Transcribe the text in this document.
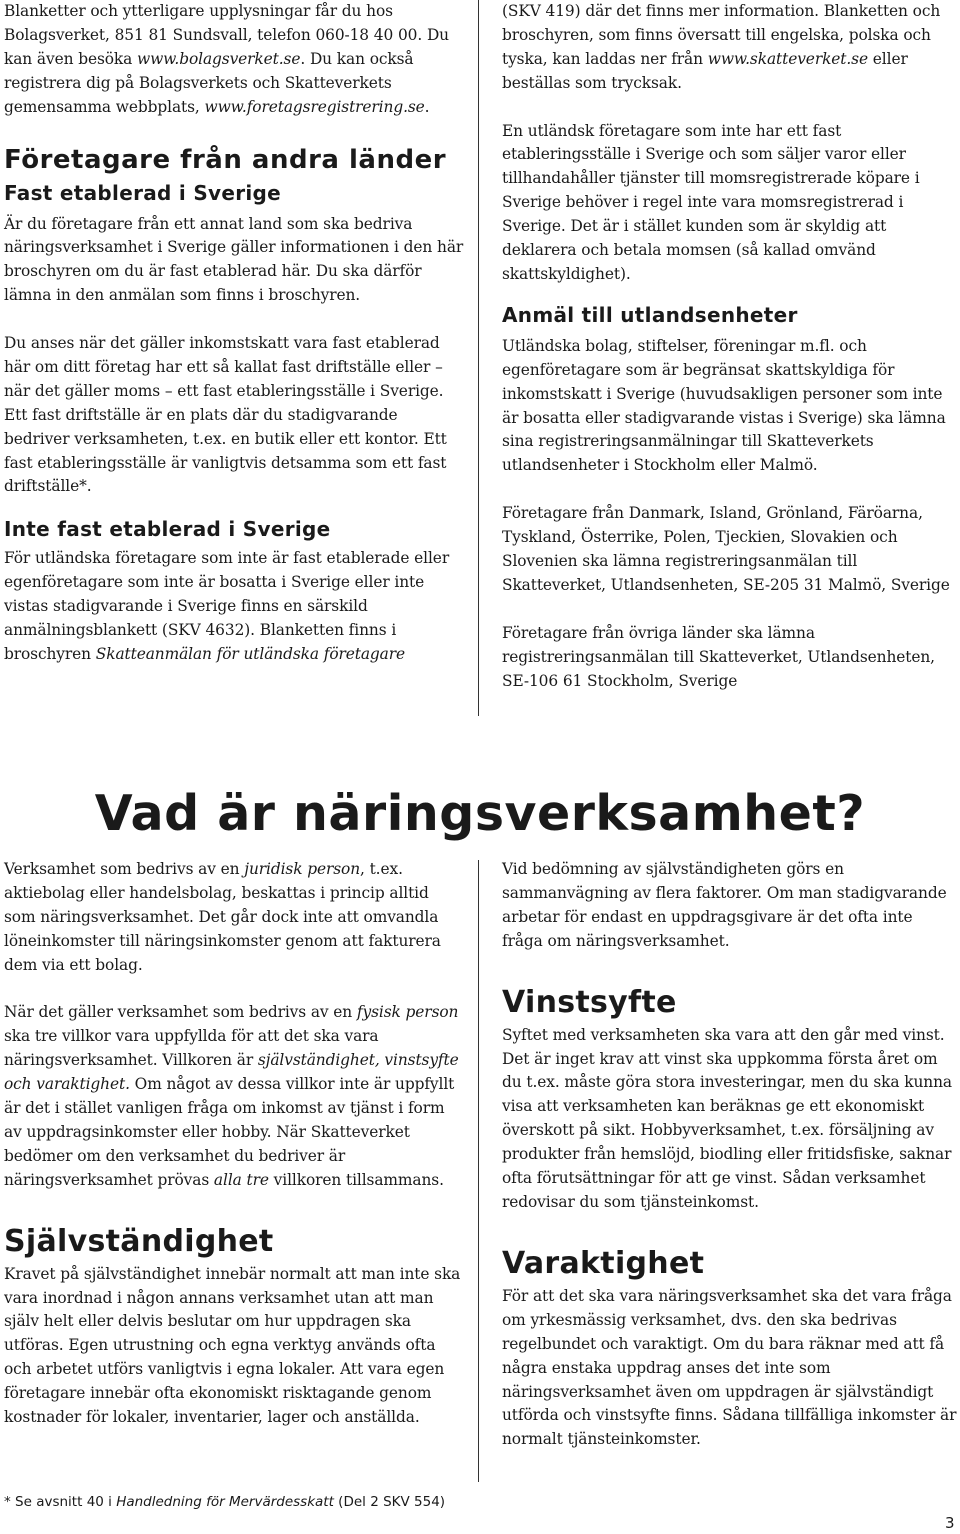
Blanketter och ytterligare upplysningar får du hos Bolagsverket, 851 81 Sundsvall, telefon 060-18 40 00. Du kan även besöka www.bolagsverket.se. Du kan också registrera dig på Bolagsverkets och Skatteverkets gemensamma webbplats, www.foretagsregistrering.se.

Företagare från andra länder
Fast etablerad i Sverige

Är du företagare från ett annat land som ska bedriva näringsverksamhet i Sverige gäller informationen i den här broschyren om du är fast etablerad här. Du ska därför lämna in den anmälan som finns i broschyren.

Du anses när det gäller inkomstskatt vara fast etablerad här om ditt företag har ett så kallat fast driftställe eller – när det gäller moms – ett fast etableringsställe i Sverige. Ett fast driftställe är en plats där du stadigvarande bedriver verksamheten, t.ex. en butik eller ett kontor. Ett fast etableringsställe är vanligtvis detsamma som ett fast driftställe*.

Inte fast etablerad i Sverige

För utländska företagare som inte är fast etablerade eller egenföretagare som inte är bosatta i Sverige eller inte vistas stadigvarande i Sverige finns en särskild anmälningsblankett (SKV 4632). Blanketten finns i broschyren Skatteanmälan för utländska företagare

(SKV 419) där det finns mer information. Blanketten och broschyren, som finns översatt till engelska, polska och tyska, kan laddas ner från www.skatteverket.se eller beställas som trycksak.

En utländsk företagare som inte har ett fast etableringsställe i Sverige och som säljer varor eller tillhandahåller tjänster till momsregistrerade köpare i Sverige behöver i regel inte vara momsregistrerad i Sverige. Det är i stället kunden som är skyldig att deklarera och betala momsen (så kallad omvänd skattskyldighet).

Anmäl till utlandsenheter

Utländska bolag, stiftelser, föreningar m.fl. och egenföretagare som är begränsat skattskyldiga för inkomstskatt i Sverige (huvudsakligen personer som inte är bosatta eller stadigvarande vistas i Sverige) ska lämna sina registreringsanmälningar till Skatteverkets utlandsenheter i Stockholm eller Malmö.

Företagare från Danmark, Island, Grönland, Färöarna, Tyskland, Österrike, Polen, Tjeckien, Slovakien och Slovenien ska lämna registreringsanmälan till Skatteverket, Utlandsenheten, SE-205 31 Malmö, Sverige

Företagare från övriga länder ska lämna registreringsanmälan till Skatteverket, Utlandsenheten, SE-106 61 Stockholm, Sverige

Vad är näringsverksamhet?

Verksamhet som bedrivs av en juridisk person, t.ex. aktiebolag eller handelsbolag, beskattas i princip alltid som näringsverksamhet. Det går dock inte att omvandla löneinkomster till näringsinkomster genom att fakturera dem via ett bolag.

När det gäller verksamhet som bedrivs av en fysisk person ska tre villkor vara uppfyllda för att det ska vara näringsverksamhet. Villkoren är självständighet, vinstsyfte och varaktighet. Om något av dessa villkor inte är uppfyllt är det i stället vanligen fråga om inkomst av tjänst i form av uppdragsinkomster eller hobby. När Skatteverket bedömer om den verksamhet du bedriver är näringsverksamhet prövas alla tre villkoren tillsammans.

Självständighet

Kravet på självständighet innebär normalt att man inte ska vara inordnad i någon annans verksamhet utan att man själv helt eller delvis beslutar om hur uppdragen ska utföras. Egen utrustning och egna verktyg används ofta och arbetet utförs vanligtvis i egna lokaler. Att vara egen företagare innebär ofta ekonomiskt risktagande genom kostnader för lokaler, inventarier, lager och anställda.

Vid bedömning av självständigheten görs en sammanvägning av flera faktorer. Om man stadigvarande arbetar för endast en uppdragsgivare är det ofta inte fråga om näringsverksamhet.

Vinstsyfte

Syftet med verksamheten ska vara att den går med vinst. Det är inget krav att vinst ska uppkomma första året om du t.ex. måste göra stora investeringar, men du ska kunna visa att verksamheten kan beräknas ge ett ekonomiskt överskott på sikt. Hobbyverksamhet, t.ex. försäljning av produkter från hemslöjd, biodling eller fritidsfiske, saknar ofta förutsättningar för att ge vinst. Sådan verksamhet redovisar du som tjänsteinkomst.

Varaktighet

För att det ska vara näringsverksamhet ska det vara fråga om yrkesmässig verksamhet, dvs. den ska bedrivas regelbundet och varaktigt. Om du bara räknar med att få några enstaka uppdrag anses det inte som näringsverksamhet även om uppdragen är självständigt utförda och vinstsyfte finns. Sådana tillfälliga inkomster är normalt tjänsteinkomster.

* Se avsnitt 40 i Handledning för Mervärdesskatt (Del 2 SKV 554)
3
